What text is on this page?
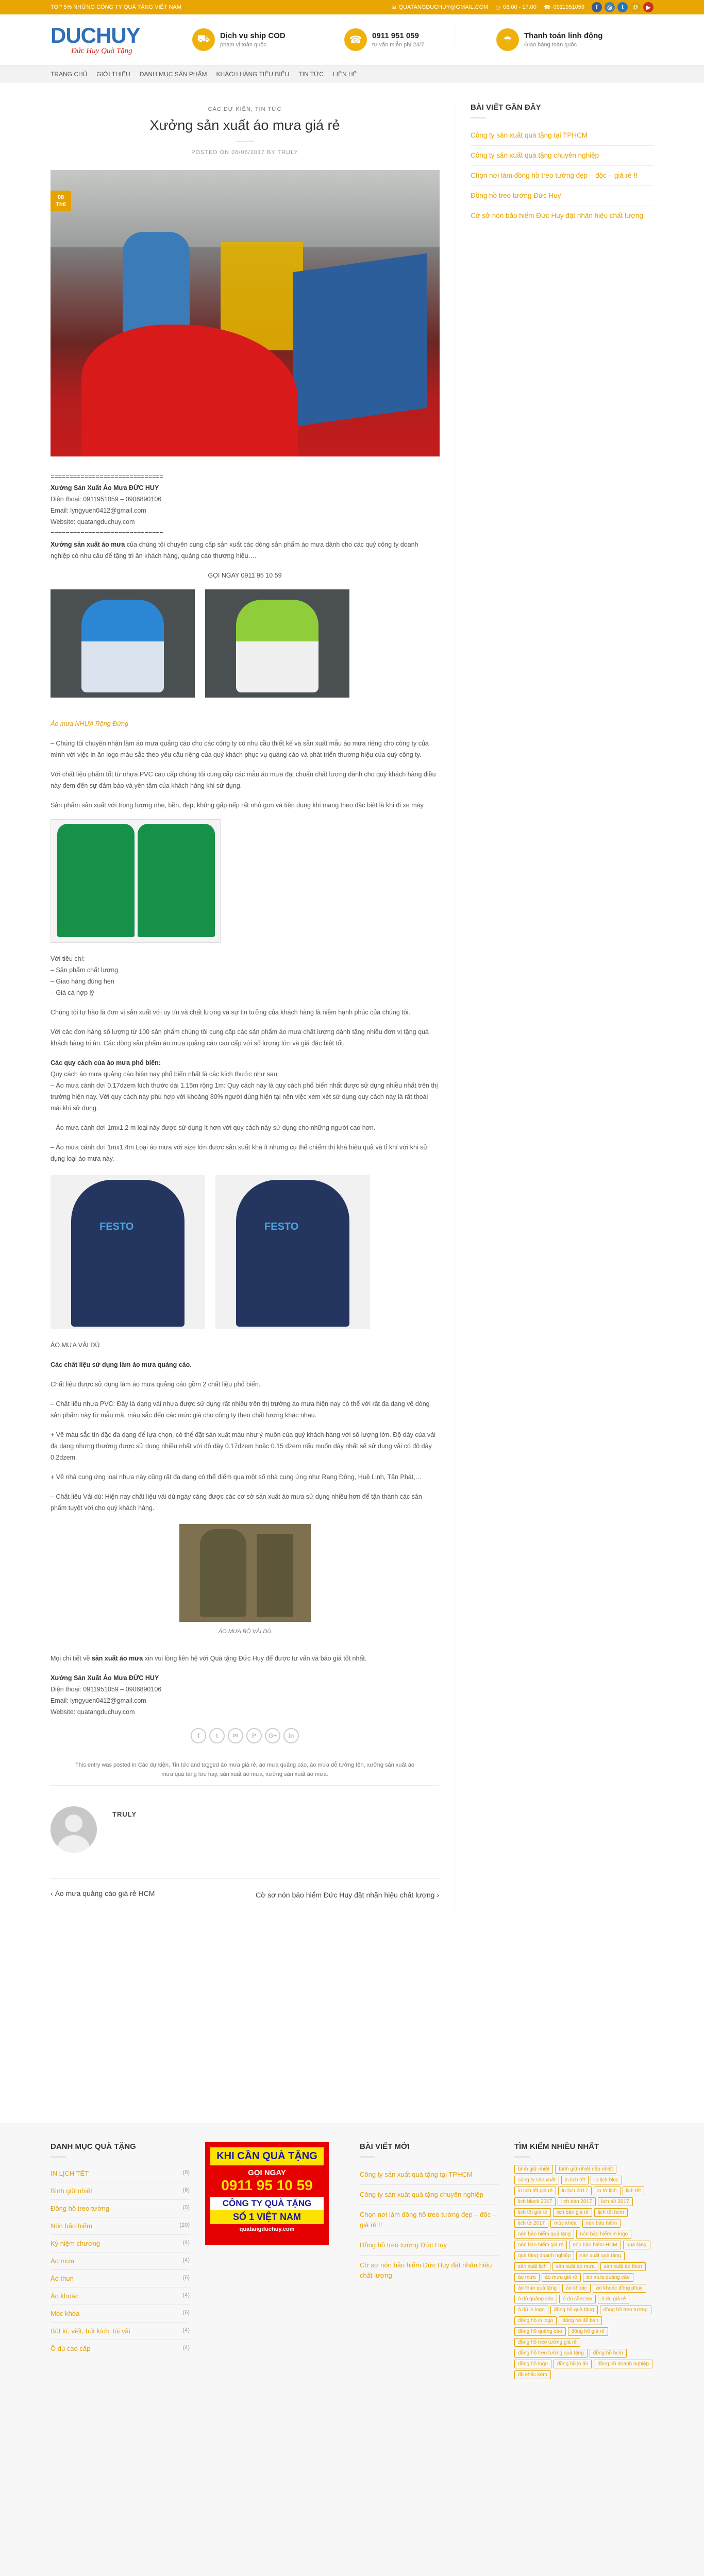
TOP 5% NHỮNG CÔNG TY QUÀ TẶNG VIỆT NAM	✉ QUATANGDUCHUY@GMAIL.COM ◷ 08:00 - 17:00 ☎ 0911951059	f	◎	t	@	▶
DUCHUY
Đức Huy Quà Tặng
⛟	Dịch vụ ship COD
phạm vi toàn quốc	☎	0911 951 059
tư vấn miễn phí 24/7	☂	Thanh toán linh động
Giao hàng toàn quốc
TRANG CHỦ GIỚI THIỆU DANH MỤC SẢN PHẨM KHÁCH HÀNG TIÊU BIỂU TIN TỨC LIÊN HỆ
CÁC DỰ KIỆN, TIN TỨC
Xưởng sản xuất áo mưa giá rẻ
POSTED ON 08/06/2017 BY TRULY
08
Th6
==============================
Xưởng Sản Xuất Áo Mưa ĐỨC HUY
Điện thoại: 0911951059 – 0906890106
Email: lyngyuen0412@gmail.com
Website: quatangduchuy.com
==============================

Xưởng sản xuất áo mưa của chúng tôi chuyên cung cấp sản xuất các dòng sản phẩm áo mưa dành cho các quý công ty doanh nghiệp có nhu cầu để tặng tri ân khách hàng, quảng cáo thương hiệu….

GỌI NGAY 0911 95 10 59

Áo mưa NHỰA Rộng Đứng

– Chúng tôi chuyên nhận làm áo mưa quảng cáo cho các công ty có nhu cầu thiết kế và sản xuất mẫu áo mưa riêng cho công ty của mình với việc in ấn logo màu sắc theo yêu cầu riêng của quý khách phục vụ quảng cáo và phát triển thương hiệu của quý công ty.

Với chất liệu phẩm tốt từ nhựa PVC cao cấp chúng tôi cung cấp các mẫu áo mưa đạt chuẩn chất lượng dành cho quý khách hàng điều này đem đến sự đảm bảo và yên tâm của khách hàng khi sử dụng.

Sản phẩm sản xuất với trọng lượng nhẹ, bền, đẹp, không gấp nếp rất nhỏ gọn và tiện dụng khi mang theo đặc biệt là khi đi xe máy.

Với tiêu chí:
– Sản phẩm chất lượng
– Giao hàng đúng hẹn
– Giá cả hợp lý

Chúng tôi tự hào là đơn vị sản xuất với uy tín và chất lượng và sự tin tưởng của khách hàng là niềm hạnh phúc của chúng tôi.

Với các đơn hàng số lượng từ 100 sản phẩm chúng tôi cung cấp các sản phẩm áo mưa chất lượng dành tặng nhiều đơn vị tặng quà khách hàng tri ân. Các dòng sản phẩm áo mưa quảng cáo cao cấp với số lượng lớn và giá đặc biệt tốt.

Các quy cách của áo mưa phổ biến:
Quy cách áo mưa quảng cáo hiện nay phổ biến nhất là các kích thước như sau:

– Áo mưa cánh dơi 0.17dzem kích thước dài 1.15m rộng 1m: Quy cách này là quy cách phổ biến nhất được sử dụng nhiều nhất trên thị trường hiện nay. Với quy cách này phù hợp với khoảng 80% người dùng hiện tại nên việc xem xét sử dụng quy cách này là rất thoải mái khi sử dụng.

– Áo mưa cánh dơi 1mx1.2 m loại này được sử dụng ít hơn với quy cách này sử dụng cho những người cao hơn.

– Áo mưa cánh dơi 1mx1.4m Loại áo mưa với size lớn được sản xuất khá ít nhưng cụ thể chiếm thị khá hiệu quả và tỉ khí với khi sử dụng loại áo mưa này.

FESTO	FESTO

ÁO MƯA VẢI DÙ

Các chất liệu sử dụng làm áo mưa quảng cáo.

Chất liệu được sử dụng làm áo mưa quảng cáo gồm 2 chất liệu phổ biến.

– Chất liệu nhựa PVC: Đây là dạng vải nhựa được sử dụng rất nhiều trên thị trường áo mưa hiện nay có thể với rất đa dạng về dòng sản phẩm này từ mẫu mã, màu sắc đến các mức giá cho công ty theo chất lượng khác nhau.

+ Về màu sắc tín đặc đa dạng để lựa chọn, có thể đặt sản xuất màu như ý muốn của quý khách hàng với số lượng lớn. Độ dày của vải đa dạng nhưng thường được sử dụng nhiều nhất với độ dày 0.17dzem hoặc 0.15 dzem nếu muốn dày nhất sẽ sử dụng vải có độ dày 0.2dzem.

+ Về nhà cung ứng loại nhựa này cũng rất đa dạng có thể điểm qua một số nhà cung ứng như Rạng Đông, Huệ Linh, Tân Phát,…

– Chất liệu Vải dù: Hiện nay chất liệu vải dù ngày càng được các cơ sở sản xuất áo mưa sử dụng nhiều hơn để tận thành các sản phẩm tuyệt vời cho quý khách hàng.

ÁO MƯA BỘ VẢI DÙ

Mọi chi tiết về sản xuất áo mưa xin vui lòng liên hệ với Quà tặng Đức Huy để được tư vấn và báo giá tốt nhất.

Xưởng Sản Xuất Áo Mưa ĐỨC HUY
Điện thoại: 0911951059 – 0906890106
Email: lyngyuen0412@gmail.com
Website: quatangduchuy.com
f	t	✉	P	G+	in
This entry was posted in Các dự kiện, Tin tức and tagged áo mưa giá rẻ, áo mưa quảng cáo, áo mưa dễ tưởng tên, xưởng sản xuất áo mưa quà tặng lưu hay, sản xuất áo mưa, xưởng sản xuất áo mưa.
TRULY
‹ Áo mưa quảng cáo giá rẻ HCM	Cờ sơ nón bảo hiểm Đức Huy đặt nhãn hiệu chất lượng ›
BÀI VIẾT GẦN ĐÂY
Công ty sản xuất quà tặng tại TPHCM
Công ty sản xuất quà tặng chuyên nghiệp
Chọn nơi làm đồng hồ treo tường đẹp – độc – giá rẻ !!
Đồng hồ treo tường Đức Huy
Cờ sở nón bảo hiểm Đức Huy đặt nhãn hiệu chất lượng
DANH MỤC QUÀ TẶNG
IN LỊCH TẾT	(8)
Bình giữ nhiệt	(6)
Đồng hồ treo tường	(5)
Nón bảo hiểm	(20)
Kỷ niệm chương	(4)
Áo mưa	(4)
Áo thun	(6)
Áo khoác	(4)
Móc khóa	(6)
Bút kí, viết, bút kích, túi vải	(4)
Ô dù cao cấp	(4)
KHI CẦN QUÀ TẶNG
GỌI NGAY
0911 95 10 59
CÔNG TY QUÀ TẶNG
SỐ 1 VIỆT NAM
quatangduchuy.com
BÀI VIẾT MỚI
Công ty sản xuất quà tặng tại TPHCM
Công ty sản xuất quà tặng chuyên nghiệp
Chọn nơi làm đồng hồ treo tường đẹp – độc – giá rẻ !!
Đồng hồ treo tường Đức Huy
Cờ sơ nón bảo hiểm Đức Huy đặt nhãn hiệu chất lượng
TÌM KIẾM NHIỀU NHẤT
bình giữ nhiệt	bình giữ nhiệt nắp nhiệt
công ty sản xuất	in lịch tết	in lịch bloc
in lịch tết giá rẻ	in lịch 2017	in tờ lịch	lịch tết
lịch block 2017	lịch bàn 2017	lịch tết 2017
lịch tết giá rẻ	lịch bàn giá rẻ	lịch tết hcm
lịch tờ 2017	móc khóa	nón bảo hiểm
nón bảo hiểm quà tặng	nón bảo hiểm in logo
nón bảo hiểm giá rẻ	nón bảo hiểm HCM	quà tặng
quà tặng doanh nghiệp	sản xuất quà tặng
sản xuất lịch	sản xuất áo mưa	sản xuất áo thun
áo mưa	áo mưa giá rẻ	áo mưa quảng cáo
áo thun quà tặng	áo khoác	áo khoác đồng phục
ô dù quảng cáo	ô dù cầm tay	ô dù giá rẻ
ô dù in logo	đồng hồ quà tặng	đồng hồ treo tường
đồng hồ in logo	đồng hồ để bàn
đồng hồ quảng cáo	đồng hồ giá rẻ
đồng hồ treo tường giá rẻ
đồng hồ treo tường quà tặng	đồng hồ hcm
đồng hồ logo	đồng hồ in ấn	đồng hồ doanh nghiệp
đồ khắc kèm
